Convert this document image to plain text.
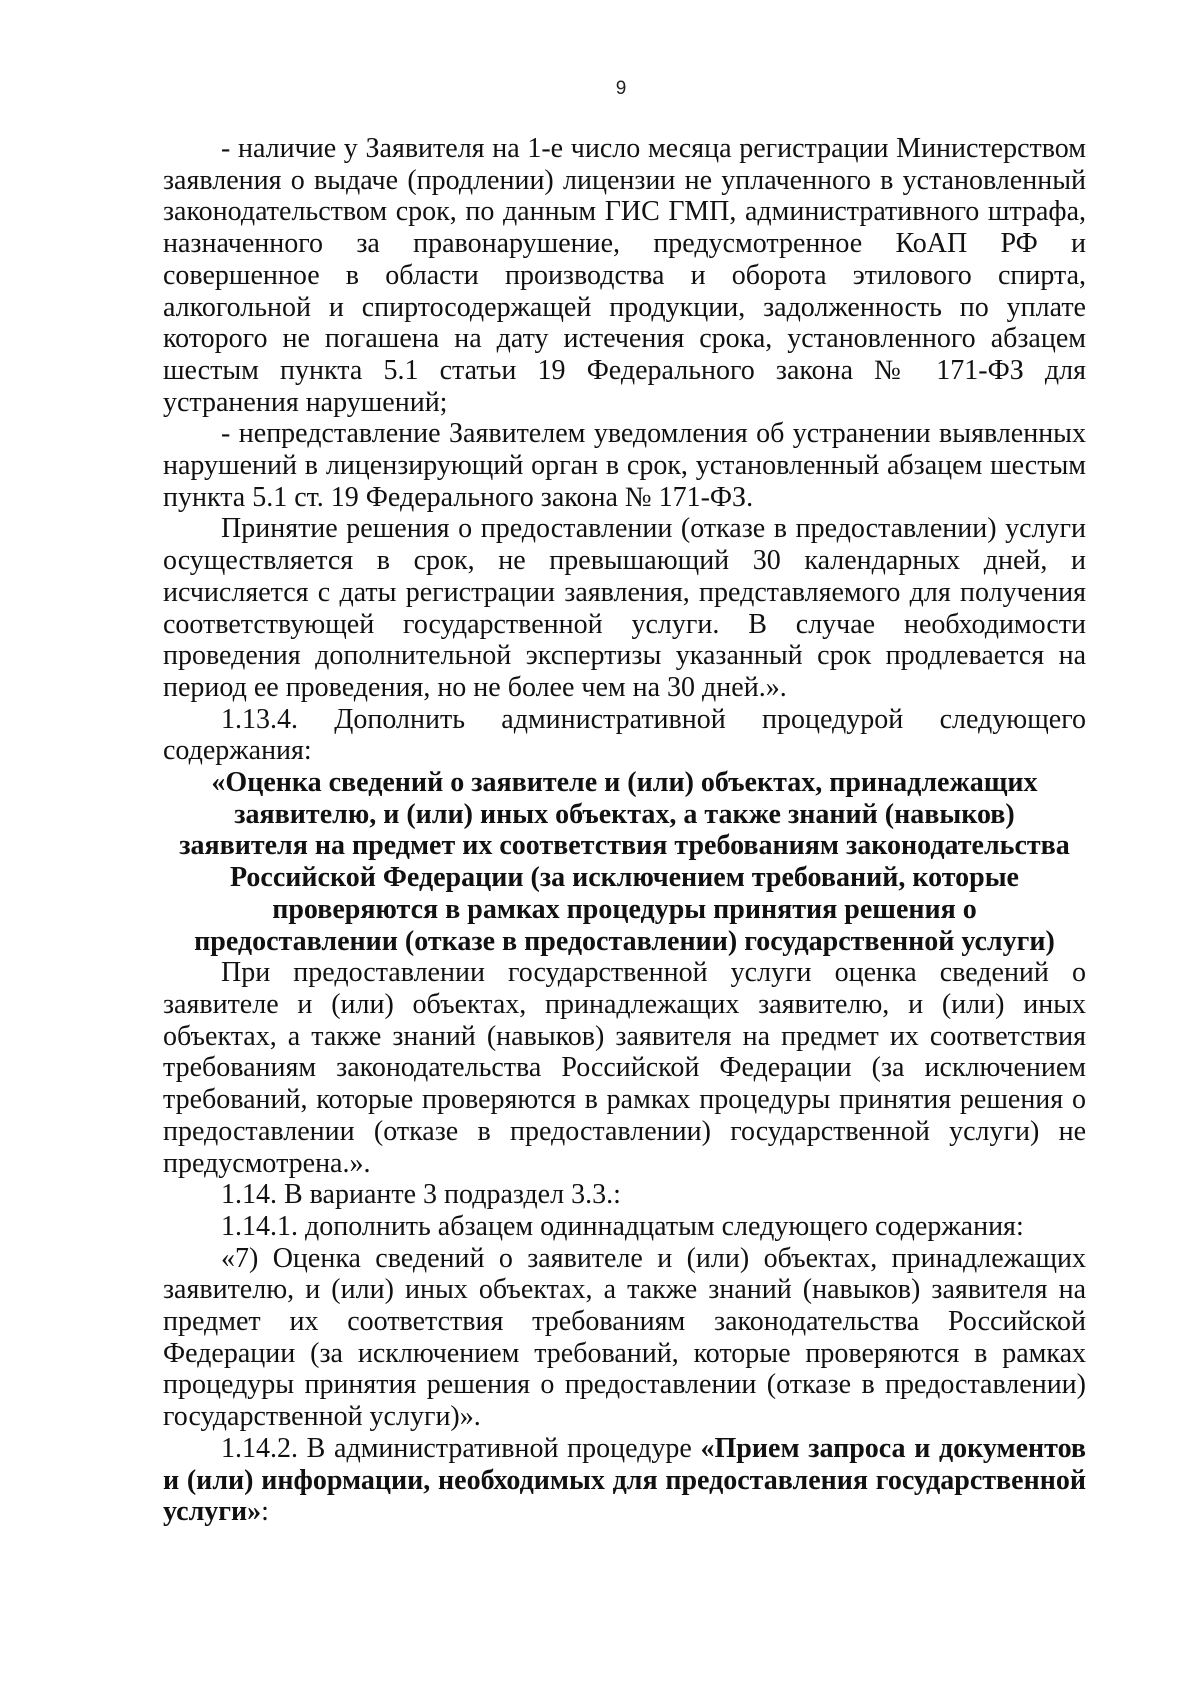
9

- наличие у Заявителя на 1-е число месяца регистрации Министерством заявления о выдаче (продлении) лицензии не уплаченного в установленный законодательством срок, по данным ГИС ГМП, административного штрафа, назначенного за правонарушение, предусмотренное КоАП РФ и совершенное в области производства и оборота этилового спирта, алкогольной и спиртосодержащей продукции, задолженность по уплате которого не погашена на дату истечения срока, установленного абзацем шестым пункта 5.1 статьи 19 Федерального закона № 171-ФЗ для устранения нарушений;

- непредставление Заявителем уведомления об устранении выявленных нарушений в лицензирующий орган в срок, установленный абзацем шестым пункта 5.1 ст. 19 Федерального закона № 171-ФЗ.

Принятие решения о предоставлении (отказе в предоставлении) услуги осуществляется в срок, не превышающий 30 календарных дней, и исчисляется с даты регистрации заявления, представляемого для получения соответствующей государственной услуги. В случае необходимости проведения дополнительной экспертизы указанный срок продлевается на период ее проведения, но не более чем на 30 дней.».

1.13.4. Дополнить административной процедурой следующего содержания:

«Оценка сведений о заявителе и (или) объектах, принадлежащих
заявителю, и (или) иных объектах, а также знаний (навыков)
заявителя на предмет их соответствия требованиям законодательства
Российской Федерации (за исключением требований, которые
проверяются в рамках процедуры принятия решения о
предоставлении (отказе в предоставлении) государственной услуги)

При предоставлении государственной услуги оценка сведений о заявителе и (или) объектах, принадлежащих заявителю, и (или) иных объектах, а также знаний (навыков) заявителя на предмет их соответствия требованиям законодательства Российской Федерации (за исключением требований, которые проверяются в рамках процедуры принятия решения о предоставлении (отказе в предоставлении) государственной услуги) не предусмотрена.».

1.14. В варианте 3 подраздел 3.3.:

1.14.1. дополнить абзацем одиннадцатым следующего содержания:

«7) Оценка сведений о заявителе и (или) объектах, принадлежащих заявителю, и (или) иных объектах, а также знаний (навыков) заявителя на предмет их соответствия требованиям законодательства Российской Федерации (за исключением требований, которые проверяются в рамках процедуры принятия решения о предоставлении (отказе в предоставлении) государственной услуги)».

1.14.2. В административной процедуре «Прием запроса и документов и (или) информации, необходимых для предоставления государственной услуги»:
